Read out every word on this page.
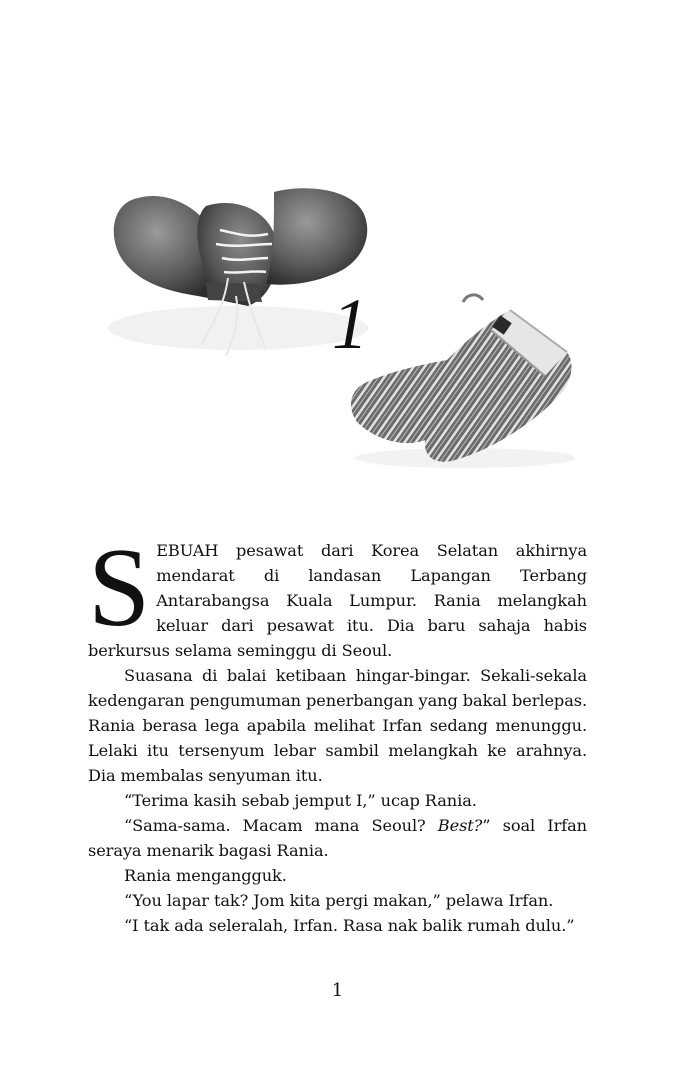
1

SEBUAH pesawat dari Korea Selatan akhirnya mendarat di landasan Lapangan Terbang Antarabangsa Kuala Lumpur. Rania melangkah keluar dari pesawat itu. Dia baru sahaja habis berkursus selama seminggu di Seoul.

Suasana di balai ketibaan hingar-bingar. Sekali-sekala kedengaran pengumuman penerbangan yang bakal berlepas. Rania berasa lega apabila melihat Irfan sedang menunggu. Lelaki itu tersenyum lebar sambil melangkah ke arahnya. Dia membalas senyuman itu.

“Terima kasih sebab jemput I,” ucap Rania.

“Sama-sama. Macam mana Seoul? Best?” soal Irfan seraya menarik bagasi Rania.

Rania mengangguk.

“You lapar tak? Jom kita pergi makan,” pelawa Irfan.

“I tak ada seleralah, Irfan. Rasa nak balik rumah dulu.”

1
